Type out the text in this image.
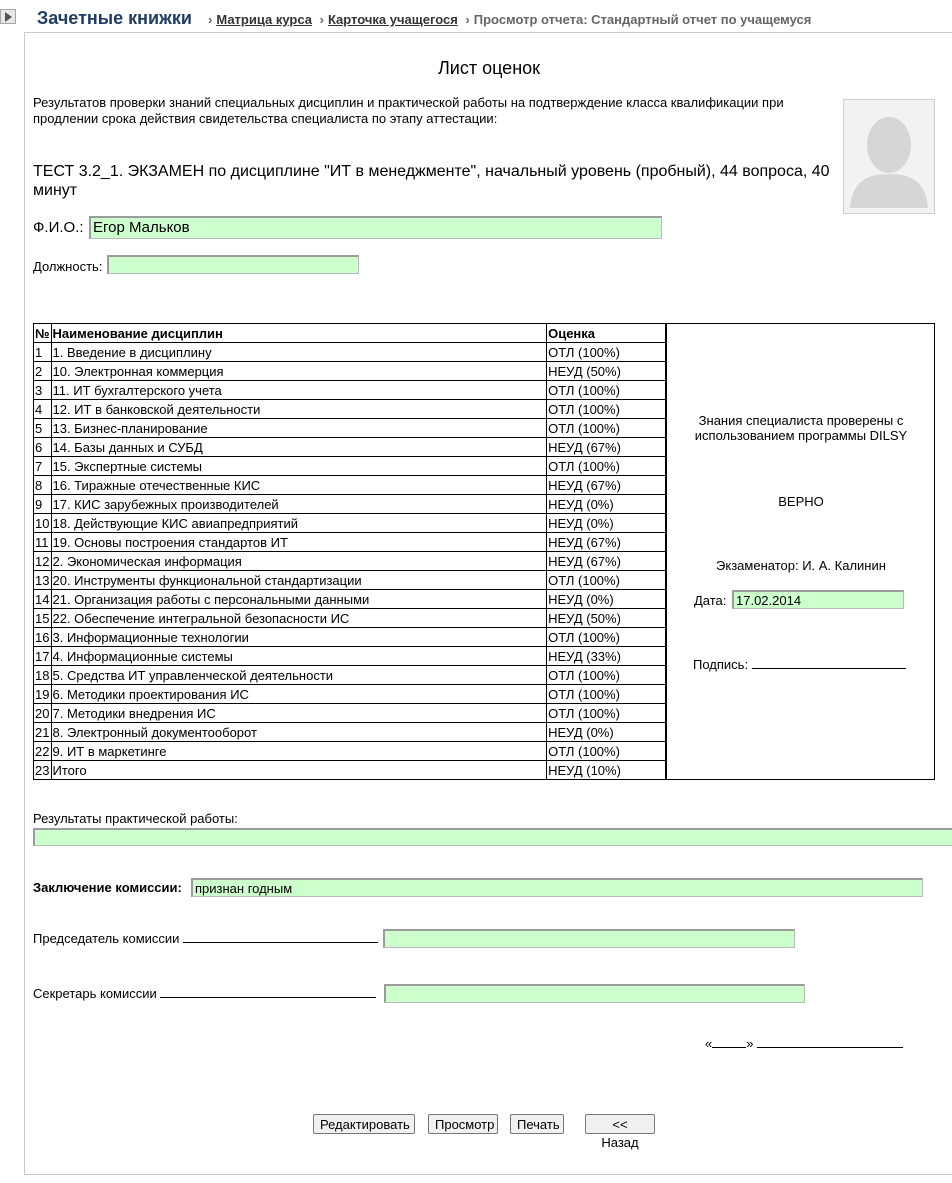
Зачетные книжки	› Матрица курса › Карточка учащегося › Просмотр отчета: Стандартный отчет по учащемуся
Лист оценок
Результатов проверки знаний специальных дисциплин и практической работы на подтверждение класса квалификации при продлении срока действия свидетельства специалиста по этапу аттестации:
ТЕСТ 3.2_1. ЭКЗАМЕН по дисциплине "ИТ в менеджменте", начальный уровень (пробный), 44 вопроса, 40 минут
Ф.И.О.: Егор Мальков
Должность:
№	Наименование дисциплин	Оценка
1	1. Введение в дисциплину	ОТЛ (100%)
2	10. Электронная коммерция	НЕУД (50%)
3	11. ИТ бухгалтерского учета	ОТЛ (100%)
4	12. ИТ в банковской деятельности	ОТЛ (100%)
5	13. Бизнес-планирование	ОТЛ (100%)
6	14. Базы данных и СУБД	НЕУД (67%)
7	15. Экспертные системы	ОТЛ (100%)
8	16. Тиражные отечественные КИС	НЕУД (67%)
9	17. КИС зарубежных производителей	НЕУД (0%)
10	18. Действующие КИС авиапредприятий	НЕУД (0%)
11	19. Основы построения стандартов ИТ	НЕУД (67%)
12	2. Экономическая информация	НЕУД (67%)
13	20. Инструменты функциональной стандартизации	ОТЛ (100%)
14	21. Организация работы с персональными данными	НЕУД (0%)
15	22. Обеспечение интегральной безопасности ИС	НЕУД (50%)
16	3. Информационные технологии	ОТЛ (100%)
17	4. Информационные системы	НЕУД (33%)
18	5. Средства ИТ управленческой деятельности	ОТЛ (100%)
19	6. Методики проектирования ИС	ОТЛ (100%)
20	7. Методики внедрения ИС	ОТЛ (100%)
21	8. Электронный документооборот	НЕУД (0%)
22	9. ИТ в маркетинге	ОТЛ (100%)
23	Итого	НЕУД (10%)
Знания специалиста проверены с использованием программы DILSY
ВЕРНО
Экзаменатор: И. А. Калинин
Дата: 17.02.2014
Подпись:
Результаты практической работы:
Заключение комиссии:	признан годным
Председатель комиссии
Секретарь комиссии
«	»
Редактировать	Просмотр	Печать	<< Назад
